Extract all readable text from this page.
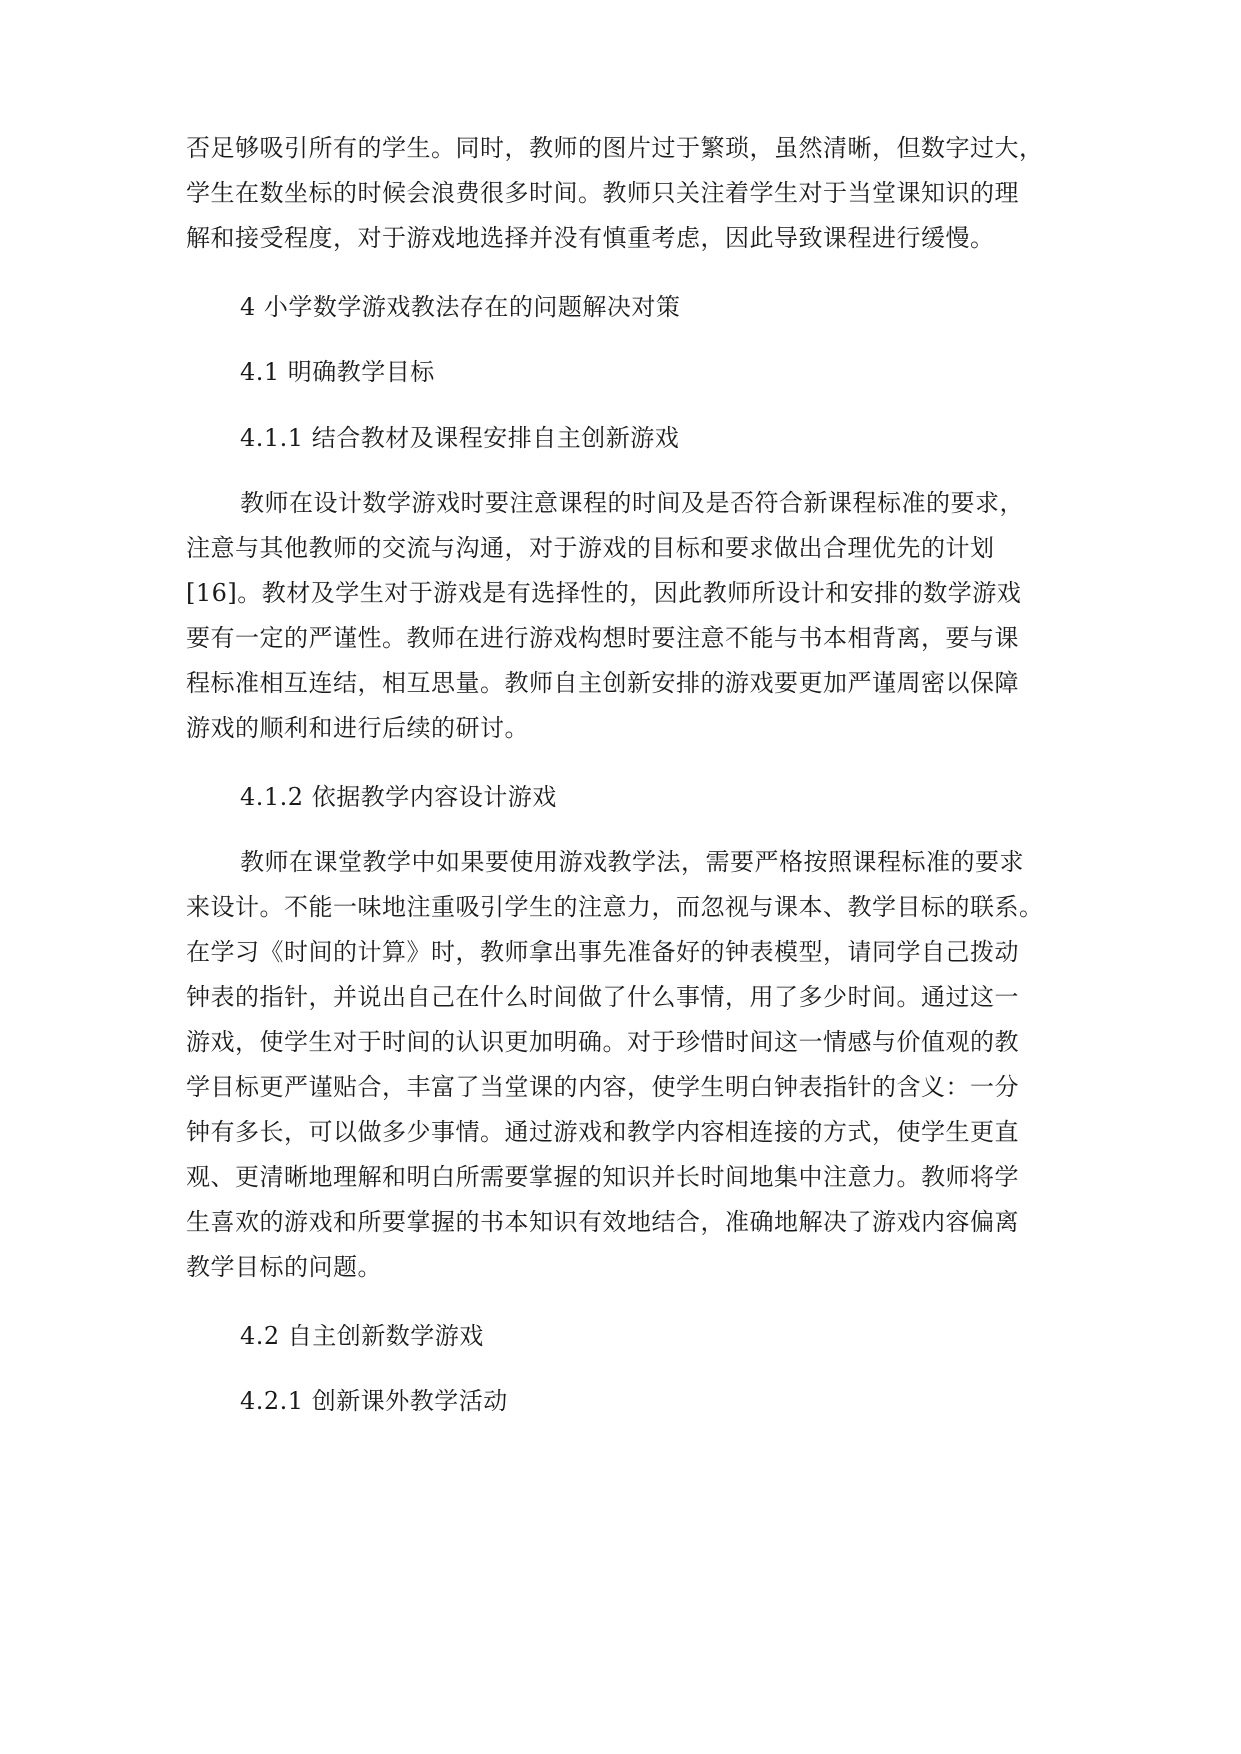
否足够吸引所有的学生。同时，教师的图片过于繁琐，虽然清晰，但数字过大，
学生在数坐标的时候会浪费很多时间。教师只关注着学生对于当堂课知识的理
解和接受程度，对于游戏地选择并没有慎重考虑，因此导致课程进行缓慢。
4 小学数学游戏教法存在的问题解决对策
4.1 明确教学目标
4.1.1 结合教材及课程安排自主创新游戏
教师在设计数学游戏时要注意课程的时间及是否符合新课程标准的要求，
注意与其他教师的交流与沟通，对于游戏的目标和要求做出合理优先的计划
[16]。教材及学生对于游戏是有选择性的，因此教师所设计和安排的数学游戏
要有一定的严谨性。教师在进行游戏构想时要注意不能与书本相背离，要与课
程标准相互连结，相互思量。教师自主创新安排的游戏要更加严谨周密以保障
游戏的顺利和进行后续的研讨。
4.1.2 依据教学内容设计游戏
教师在课堂教学中如果要使用游戏教学法，需要严格按照课程标准的要求
来设计。不能一味地注重吸引学生的注意力，而忽视与课本、教学目标的联系。
在学习《时间的计算》时，教师拿出事先准备好的钟表模型，请同学自己拨动
钟表的指针，并说出自己在什么时间做了什么事情，用了多少时间。通过这一
游戏，使学生对于时间的认识更加明确。对于珍惜时间这一情感与价值观的教
学目标更严谨贴合，丰富了当堂课的内容，使学生明白钟表指针的含义：一分
钟有多长，可以做多少事情。通过游戏和教学内容相连接的方式，使学生更直
观、更清晰地理解和明白所需要掌握的知识并长时间地集中注意力。教师将学
生喜欢的游戏和所要掌握的书本知识有效地结合，准确地解决了游戏内容偏离
教学目标的问题。
4.2 自主创新数学游戏
4.2.1 创新课外教学活动
